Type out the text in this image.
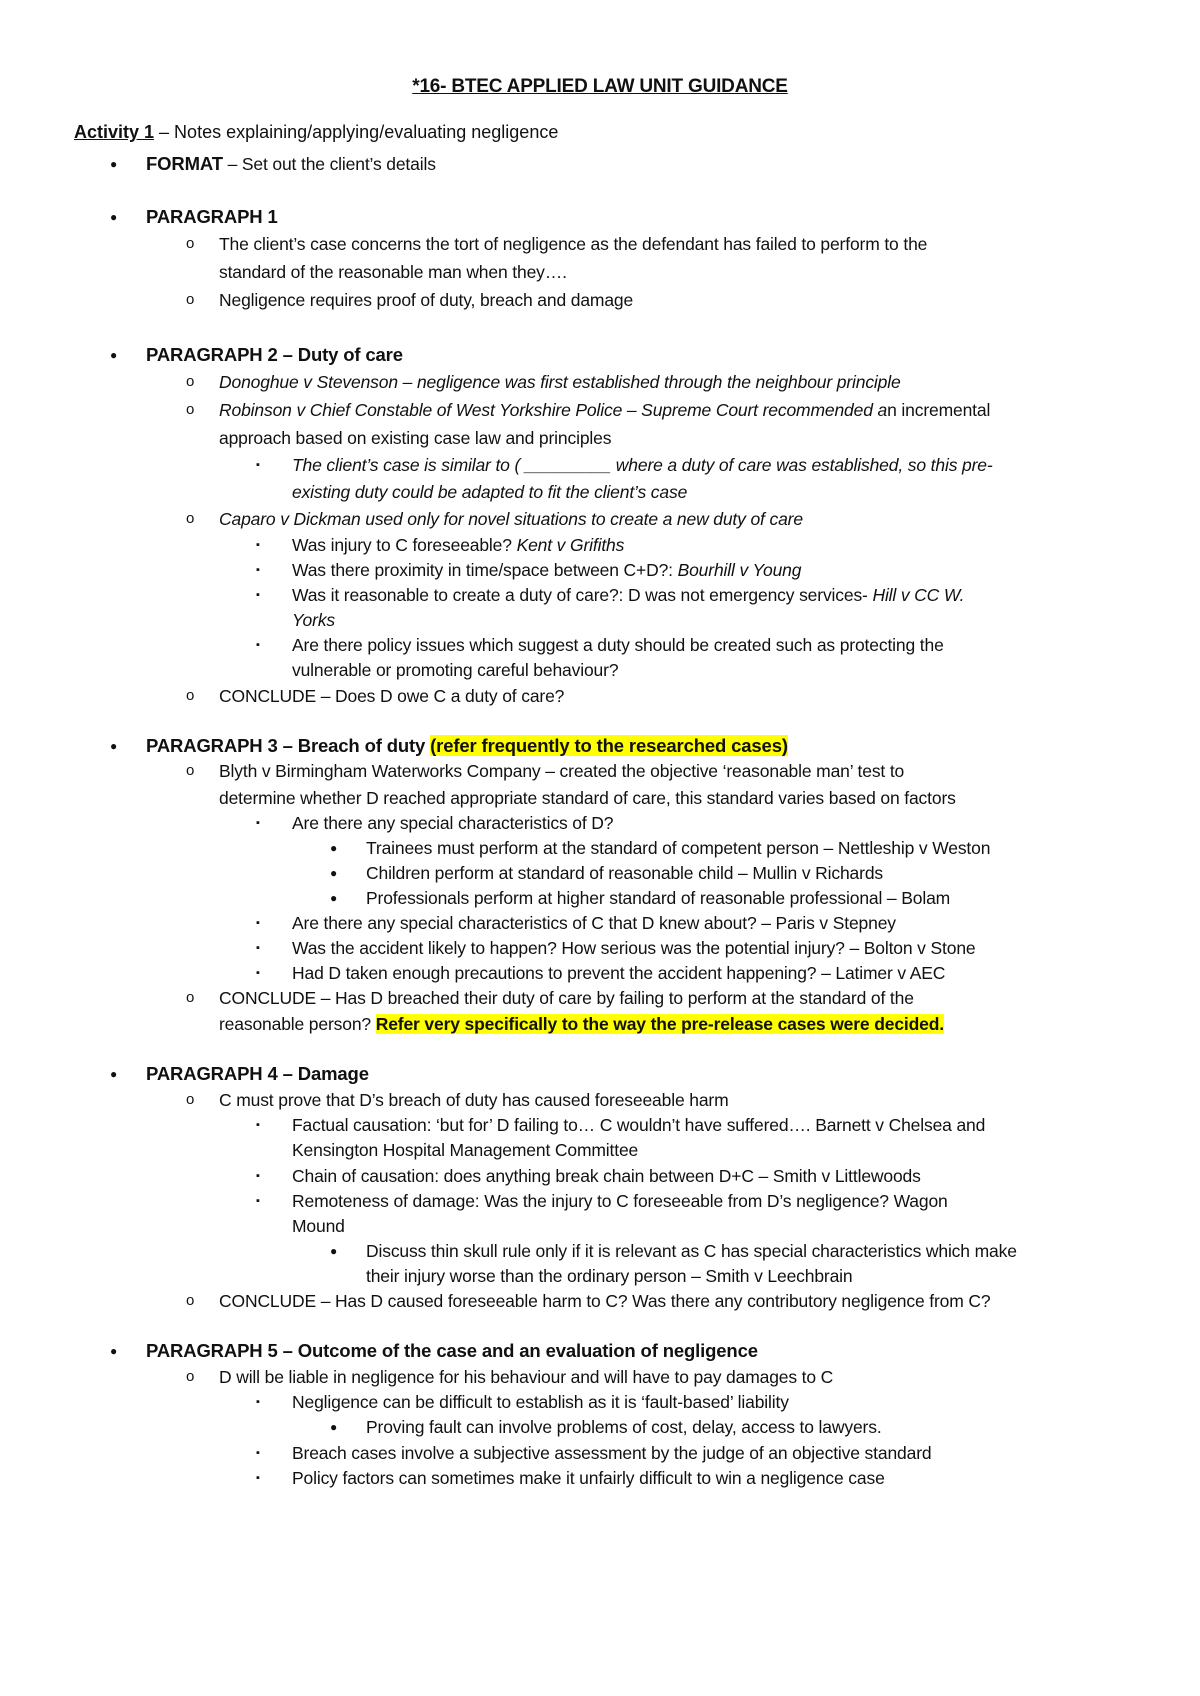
*16- BTEC APPLIED LAW UNIT GUIDANCE
Activity 1 – Notes explaining/applying/evaluating negligence
● FORMAT – Set out the client’s details
● PARAGRAPH 1
o The client’s case concerns the tort of negligence as the defendant has failed to perform to the
standard of the reasonable man when they….
o Negligence requires proof of duty, breach and damage
● PARAGRAPH 2 – Duty of care
o Donoghue v Stevenson – negligence was first established through the neighbour principle
o Robinson v Chief Constable of West Yorkshire Police – Supreme Court recommended an incremental
approach based on existing case law and principles
▪ The client’s case is similar to ( _________ where a duty of care was established, so this pre-
existing duty could be adapted to fit the client’s case
o Caparo v Dickman used only for novel situations to create a new duty of care
▪ Was injury to C foreseeable? Kent v Grifiths
▪ Was there proximity in time/space between C+D?: Bourhill v Young
▪ Was it reasonable to create a duty of care?: D was not emergency services- Hill v CC W.
Yorks
▪ Are there policy issues which suggest a duty should be created such as protecting the
vulnerable or promoting careful behaviour?
o CONCLUDE – Does D owe C a duty of care?
● PARAGRAPH 3 – Breach of duty (refer frequently to the researched cases)
o Blyth v Birmingham Waterworks Company – created the objective ‘reasonable man’ test to
determine whether D reached appropriate standard of care, this standard varies based on factors
▪ Are there any special characteristics of D?
● Trainees must perform at the standard of competent person – Nettleship v Weston
● Children perform at standard of reasonable child – Mullin v Richards
● Professionals perform at higher standard of reasonable professional – Bolam
▪ Are there any special characteristics of C that D knew about? – Paris v Stepney
▪ Was the accident likely to happen? How serious was the potential injury? – Bolton v Stone
▪ Had D taken enough precautions to prevent the accident happening? – Latimer v AEC
o CONCLUDE – Has D breached their duty of care by failing to perform at the standard of the
reasonable person? Refer very specifically to the way the pre-release cases were decided.
● PARAGRAPH 4 – Damage
o C must prove that D’s breach of duty has caused foreseeable harm
▪ Factual causation: ‘but for’ D failing to… C wouldn’t have suffered…. Barnett v Chelsea and
Kensington Hospital Management Committee
▪ Chain of causation: does anything break chain between D+C – Smith v Littlewoods
▪ Remoteness of damage: Was the injury to C foreseeable from D’s negligence? Wagon
Mound
● Discuss thin skull rule only if it is relevant as C has special characteristics which make
their injury worse than the ordinary person – Smith v Leechbrain
o CONCLUDE – Has D caused foreseeable harm to C? Was there any contributory negligence from C?
● PARAGRAPH 5 – Outcome of the case and an evaluation of negligence
o D will be liable in negligence for his behaviour and will have to pay damages to C
▪ Negligence can be difficult to establish as it is ‘fault-based’ liability
● Proving fault can involve problems of cost, delay, access to lawyers.
▪ Breach cases involve a subjective assessment by the judge of an objective standard
▪ Policy factors can sometimes make it unfairly difficult to win a negligence case
